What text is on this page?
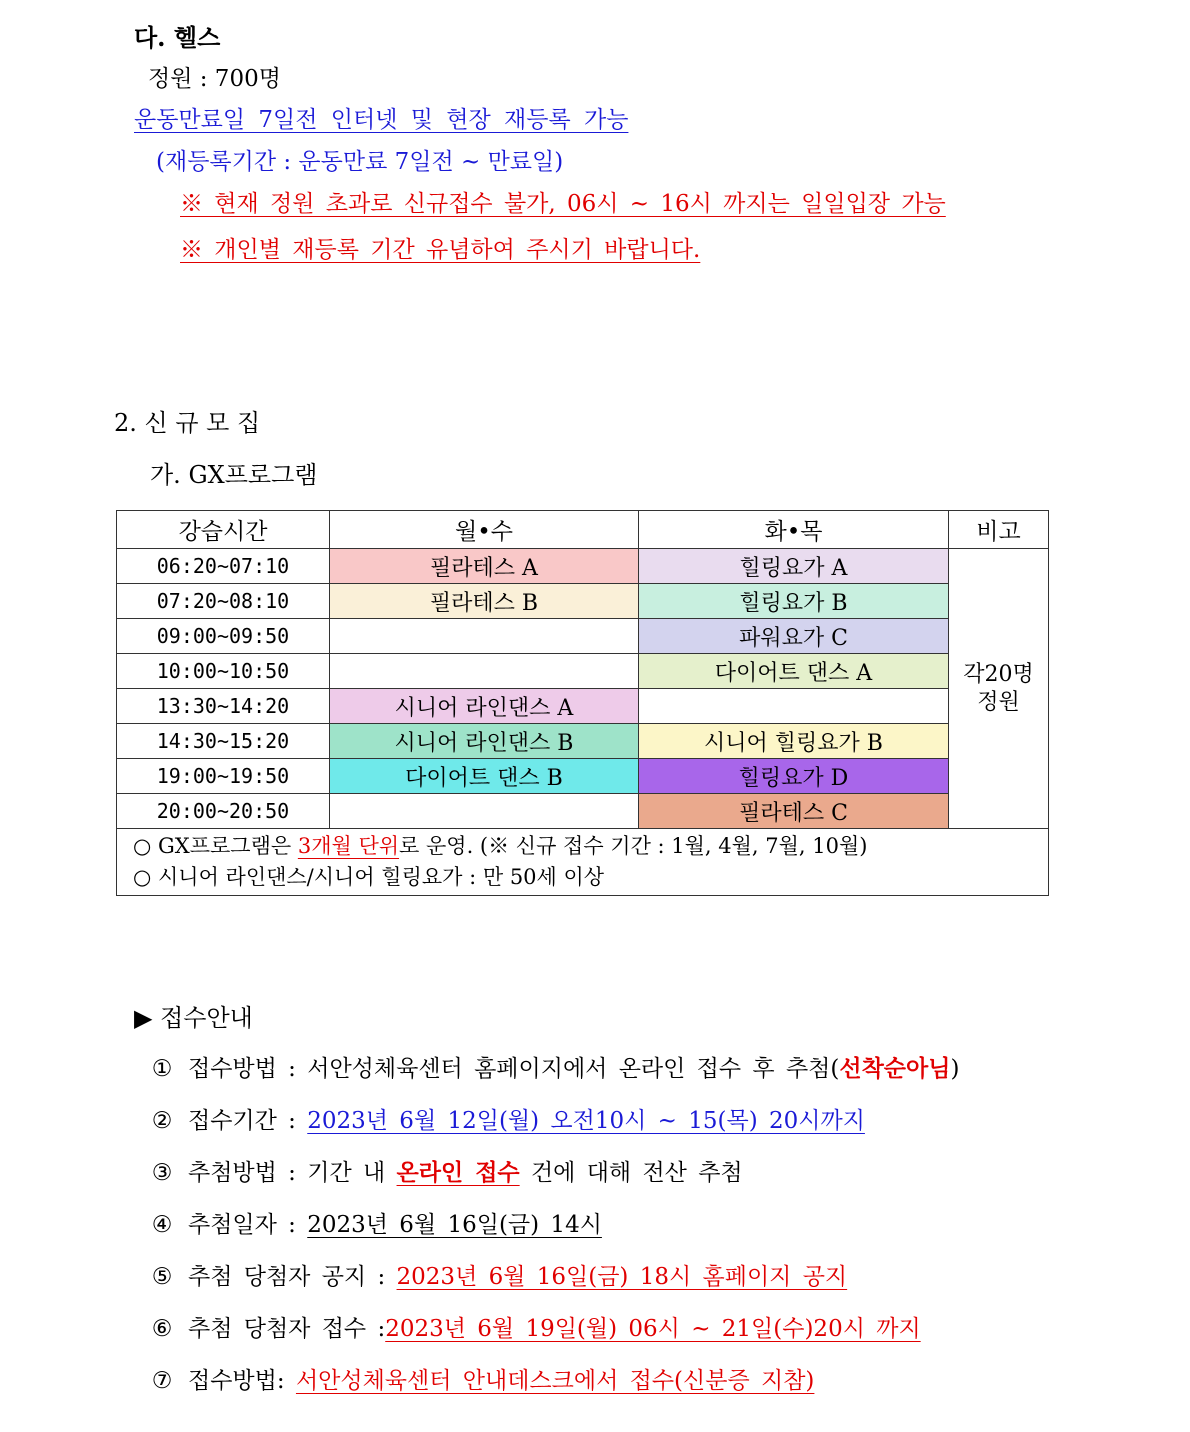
다. 헬스
정원 : 700명
운동만료일 7일전 인터넷 및 현장 재등록 가능
(재등록기간 : 운동만료 7일전 ~ 만료일)
※ 현재 정원 초과로 신규접수 불가, 06시 ~ 16시 까지는 일일입장 가능
※ 개인별 재등록 기간 유념하여 주시기 바랍니다.
2. 신 규 모 집
가. GX프로그램
강습시간	월•수	화•목	비고
06:20~07:10	필라테스 A	힐링요가 A	각20명
정원

07:20~08:10	필라테스 B	힐링요가 B	
09:00~09:50		파워요가 C	
10:00~10:50		다이어트 댄스 A	
13:30~14:20	시니어 라인댄스 A		
14:30~15:20	시니어 라인댄스 B	시니어 힐링요가 B	
19:00~19:50	다이어트 댄스 B	힐링요가 D	
20:00~20:50		필라테스 C	

○ GX프로그램은 3개월 단위로 운영. (※ 신규 접수 기간 : 1월, 4월, 7월, 10월)
○ 시니어 라인댄스/시니어 힐링요가 : 만 50세 이상			
▶ 접수안내
① 접수방법 : 서안성체육센터 홈페이지에서 온라인 접수 후 추첨(선착순아님)
② 접수기간 : 2023년 6월 12일(월) 오전10시 ~ 15(목) 20시까지
③ 추첨방법 : 기간 내 온라인 접수 건에 대해 전산 추첨
④ 추첨일자 : 2023년 6월 16일(금) 14시
⑤ 추첨 당첨자 공지 : 2023년 6월 16일(금) 18시 홈페이지 공지
⑥ 추첨 당첨자 접수 :2023년 6월 19일(월) 06시 ~ 21일(수)20시 까지
⑦ 접수방법: 서안성체육센터 안내데스크에서 접수(신분증 지참)
